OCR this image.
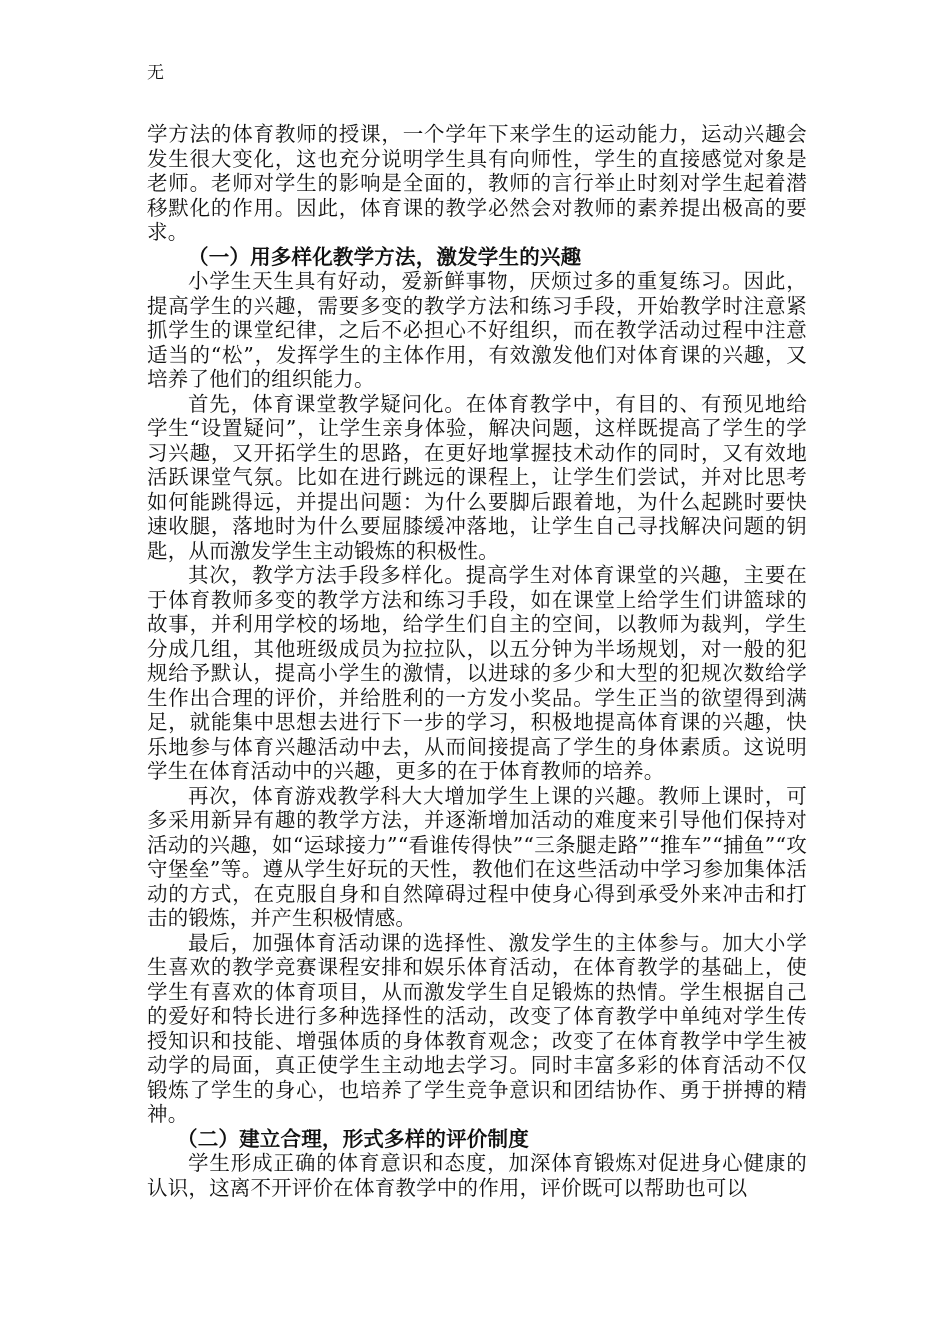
无

学方法的体育教师的授课，一个学年下来学生的运动能力，运动兴趣会发生很大变化，这也充分说明学生具有向师性，学生的直接感觉对象是老师。老师对学生的影响是全面的，教师的言行举止时刻对学生起着潜移默化的作用。因此，体育课的教学必然会对教师的素养提出极高的要求。

（一）用多样化教学方法，激发学生的兴趣

小学生天生具有好动，爱新鲜事物，厌烦过多的重复练习。因此，提高学生的兴趣，需要多变的教学方法和练习手段，开始教学时注意紧抓学生的课堂纪律，之后不必担心不好组织，而在教学活动过程中注意适当的“松”，发挥学生的主体作用，有效激发他们对体育课的兴趣，又培养了他们的组织能力。

首先，体育课堂教学疑问化。在体育教学中，有目的、有预见地给学生“设置疑问”，让学生亲身体验，解决问题，这样既提高了学生的学习兴趣，又开拓学生的思路，在更好地掌握技术动作的同时，又有效地活跃课堂气氛。比如在进行跳远的课程上，让学生们尝试，并对比思考如何能跳得远，并提出问题：为什么要脚后跟着地，为什么起跳时要快速收腿，落地时为什么要屈膝缓冲落地，让学生自己寻找解决问题的钥匙，从而激发学生主动锻炼的积极性。

其次，教学方法手段多样化。提高学生对体育课堂的兴趣，主要在于体育教师多变的教学方法和练习手段，如在课堂上给学生们讲篮球的故事，并利用学校的场地，给学生们自主的空间，以教师为裁判，学生分成几组，其他班级成员为拉拉队，以五分钟为半场规划，对一般的犯规给予默认，提高小学生的激情，以进球的多少和大型的犯规次数给学生作出合理的评价，并给胜利的一方发小奖品。学生正当的欲望得到满足，就能集中思想去进行下一步的学习，积极地提高体育课的兴趣，快乐地参与体育兴趣活动中去，从而间接提高了学生的身体素质。这说明学生在体育活动中的兴趣，更多的在于体育教师的培养。

再次，体育游戏教学科大大增加学生上课的兴趣。教师上课时，可多采用新异有趣的教学方法，并逐渐增加活动的难度来引导他们保持对活动的兴趣，如“运球接力”“看谁传得快”“三条腿走路”“推车”“捕鱼”“攻守堡垒”等。遵从学生好玩的天性，教他们在这些活动中学习参加集体活动的方式，在克服自身和自然障碍过程中使身心得到承受外来冲击和打击的锻炼，并产生积极情感。

最后，加强体育活动课的选择性、激发学生的主体参与。加大小学生喜欢的教学竞赛课程安排和娱乐体育活动，在体育教学的基础上，使学生有喜欢的体育项目，从而激发学生自足锻炼的热情。学生根据自己的爱好和特长进行多种选择性的活动，改变了体育教学中单纯对学生传授知识和技能、增强体质的身体教育观念；改变了在体育教学中学生被动学的局面，真正使学生主动地去学习。同时丰富多彩的体育活动不仅锻炼了学生的身心，也培养了学生竞争意识和团结协作、勇于拼搏的精神。

（二）建立合理，形式多样的评价制度

学生形成正确的体育意识和态度，加深体育锻炼对促进身心健康的认识，这离不开评价在体育教学中的作用，评价既可以帮助也可以
